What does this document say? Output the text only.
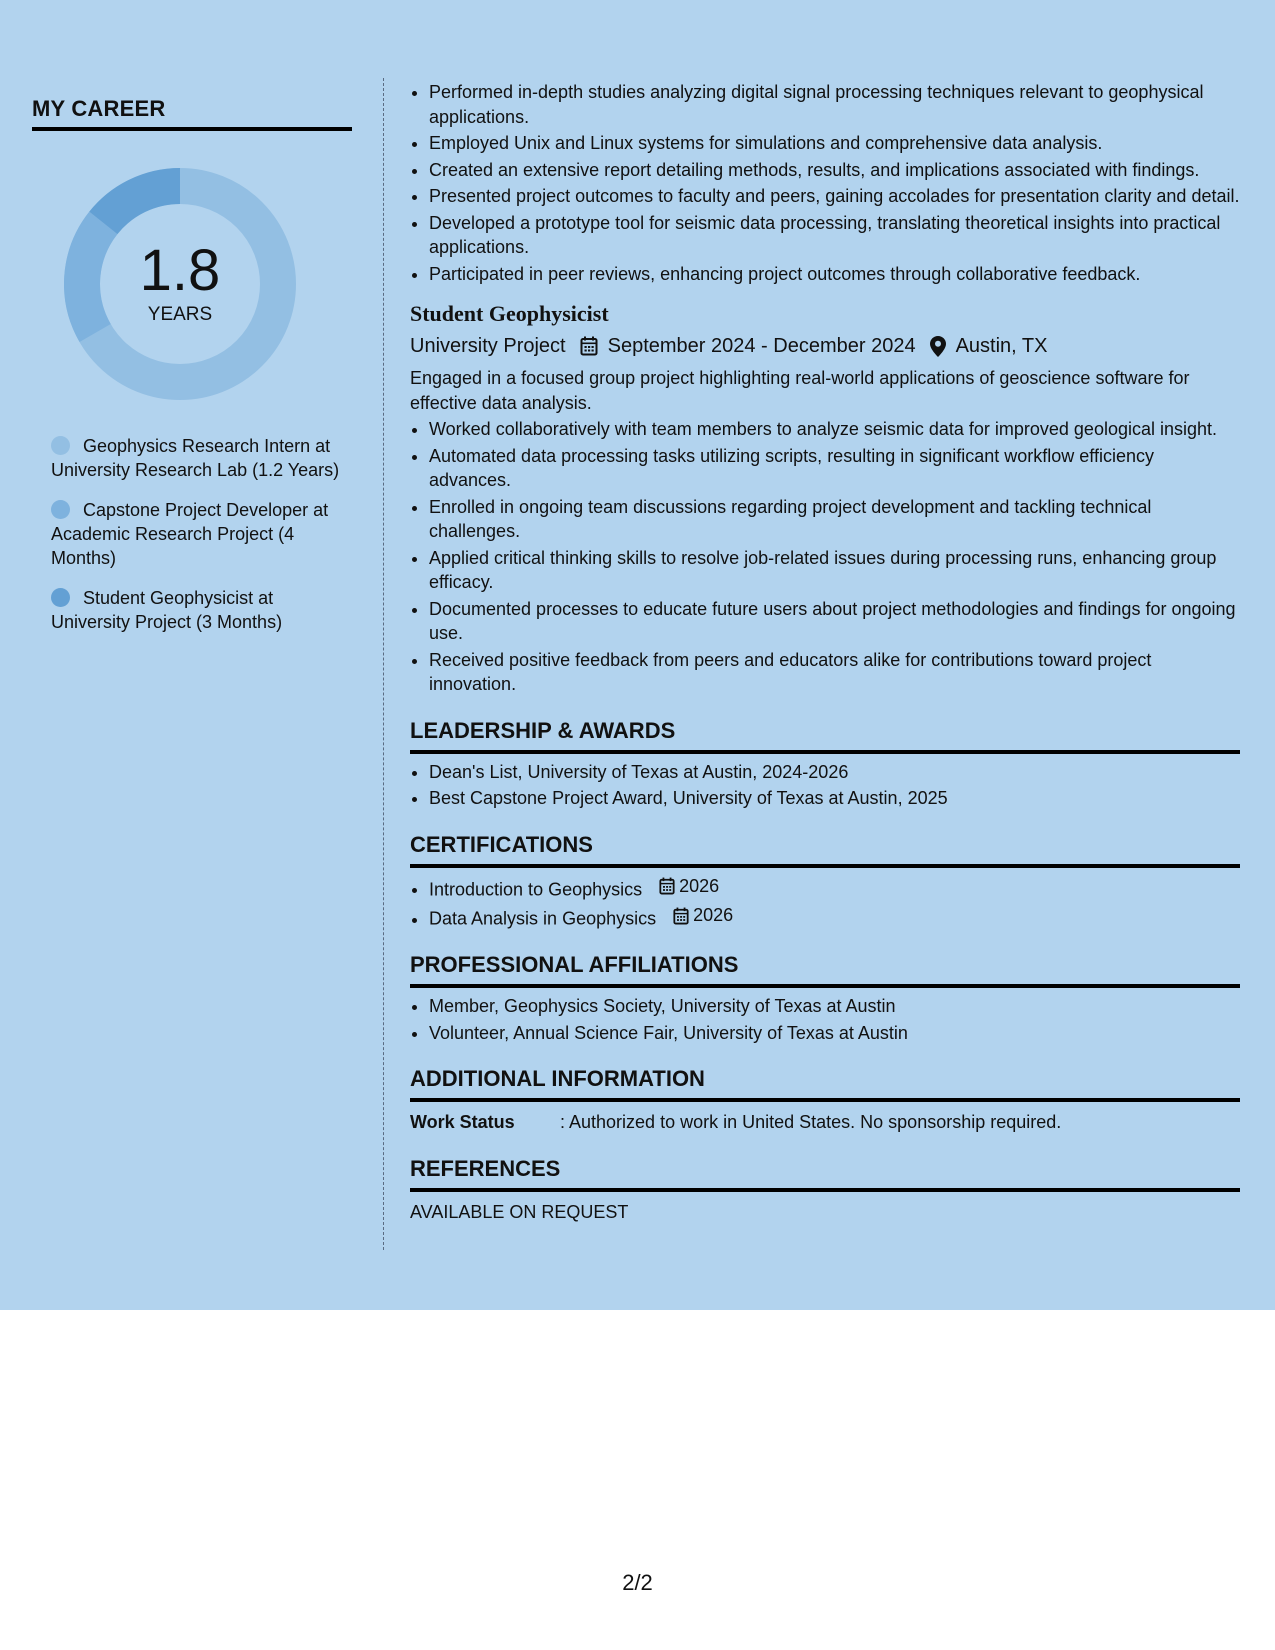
MY CAREER
1.8
YEARS
Geophysics Research Intern at University Research Lab (1.2 Years)
Capstone Project Developer at Academic Research Project (4 Months)
Student Geophysicist at University Project (3 Months)
• Performed in-depth studies analyzing digital signal processing techniques relevant to geophysical applications.
• Employed Unix and Linux systems for simulations and comprehensive data analysis.
• Created an extensive report detailing methods, results, and implications associated with findings.
• Presented project outcomes to faculty and peers, gaining accolades for presentation clarity and detail.
• Developed a prototype tool for seismic data processing, translating theoretical insights into practical applications.
• Participated in peer reviews, enhancing project outcomes through collaborative feedback.
Student Geophysicist
University Project September 2024 - December 2024 Austin, TX
Engaged in a focused group project highlighting real-world applications of geoscience software for effective data analysis.
• Worked collaboratively with team members to analyze seismic data for improved geological insight.
• Automated data processing tasks utilizing scripts, resulting in significant workflow efficiency advances.
• Enrolled in ongoing team discussions regarding project development and tackling technical challenges.
• Applied critical thinking skills to resolve job-related issues during processing runs, enhancing group efficacy.
• Documented processes to educate future users about project methodologies and findings for ongoing use.
• Received positive feedback from peers and educators alike for contributions toward project innovation.
LEADERSHIP & AWARDS
• Dean's List, University of Texas at Austin, 2024-2026
• Best Capstone Project Award, University of Texas at Austin, 2025
CERTIFICATIONS
• Introduction to Geophysics 2026
• Data Analysis in Geophysics 2026
PROFESSIONAL AFFILIATIONS
• Member, Geophysics Society, University of Texas at Austin
• Volunteer, Annual Science Fair, University of Texas at Austin
ADDITIONAL INFORMATION
Work Status	: Authorized to work in United States. No sponsorship required.
REFERENCES
AVAILABLE ON REQUEST
2/2
